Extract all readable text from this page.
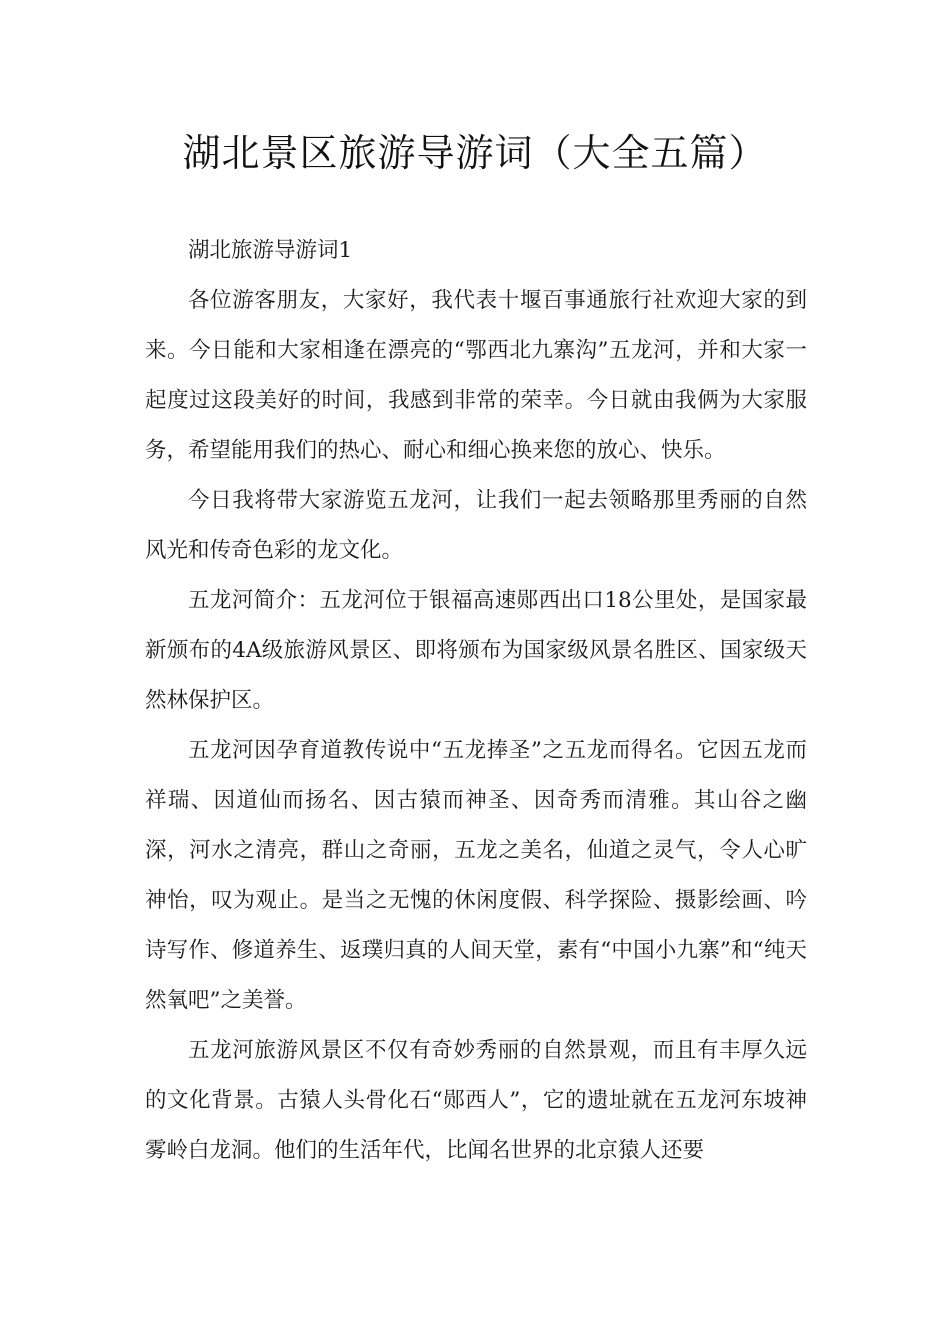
湖北景区旅游导游词（大全五篇）

湖北旅游导游词1

各位游客朋友，大家好，我代表十堰百事通旅行社欢迎大家的到来。今日能和大家相逢在漂亮的“鄂西北九寨沟”五龙河，并和大家一起度过这段美好的时间，我感到非常的荣幸。今日就由我俩为大家服务，希望能用我们的热心、耐心和细心换来您的放心、快乐。

今日我将带大家游览五龙河，让我们一起去领略那里秀丽的自然风光和传奇色彩的龙文化。

五龙河简介：五龙河位于银福高速郧西出口18公里处，是国家最新颁布的4A级旅游风景区、即将颁布为国家级风景名胜区、国家级天然林保护区。

五龙河因孕育道教传说中“五龙捧圣”之五龙而得名。它因五龙而祥瑞、因道仙而扬名、因古猿而神圣、因奇秀而清雅。其山谷之幽深，河水之清亮，群山之奇丽，五龙之美名，仙道之灵气，令人心旷神怡，叹为观止。是当之无愧的休闲度假、科学探险、摄影绘画、吟诗写作、修道养生、返璞归真的人间天堂，素有“中国小九寨”和“纯天然氧吧”之美誉。

五龙河旅游风景区不仅有奇妙秀丽的自然景观，而且有丰厚久远的文化背景。古猿人头骨化石“郧西人”，它的遗址就在五龙河东坡神雾岭白龙洞。他们的生活年代，比闻名世界的北京猿人还要
